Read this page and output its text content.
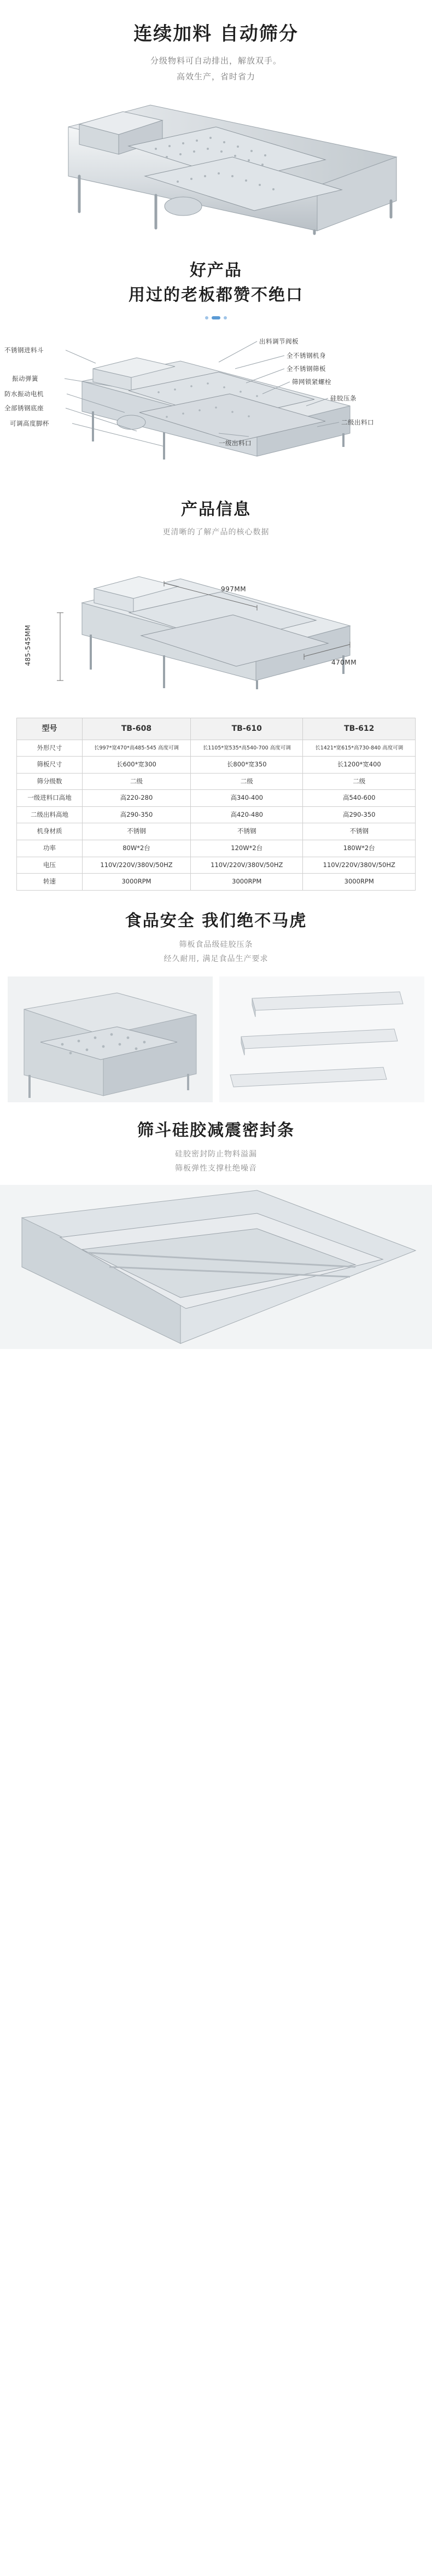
连续加料 自动筛分
分级物料可自动排出，解放双手。
高效生产，省时省力
好产品
用过的老板都赞不绝口
不锈钢进料斗
振动弹簧
防水振动电机
全部锈钢底座
可调高度脚杯
出料调节阀板
全不锈钢机身
全不锈钢筛板
筛网锁紧螺栓
硅胶压条
二级出料口
一级出料口
产品信息
更清晰的了解产品的核心数据
997MM
470MM
485-545MM
型号	TB-608	TB-610	TB-612
外形尺寸	长997*宽470*高485-545 高度可调	长1105*宽535*高540-700 高度可调	长1421*宽615*高730-840 高度可调
筛板尺寸	长600*宽300	长800*宽350	长1200*宽400
筛分级数	二级	二级	二级
一级进料口高地	高220-280	高340-400	高540-600
二级出料高地	高290-350	高420-480	高290-350
机身材质	不锈钢	不锈钢	不锈钢
功率	80W*2台	120W*2台	180W*2台
电压	110V/220V/380V/50HZ	110V/220V/380V/50HZ	110V/220V/380V/50HZ
转速	3000RPM	3000RPM	3000RPM
食品安全 我们绝不马虎
筛板食品级硅胶压条
经久耐用, 满足食品生产要求
筛斗硅胶减震密封条
硅胶密封防止物料溢漏
筛板弹性支撑杜绝噪音
